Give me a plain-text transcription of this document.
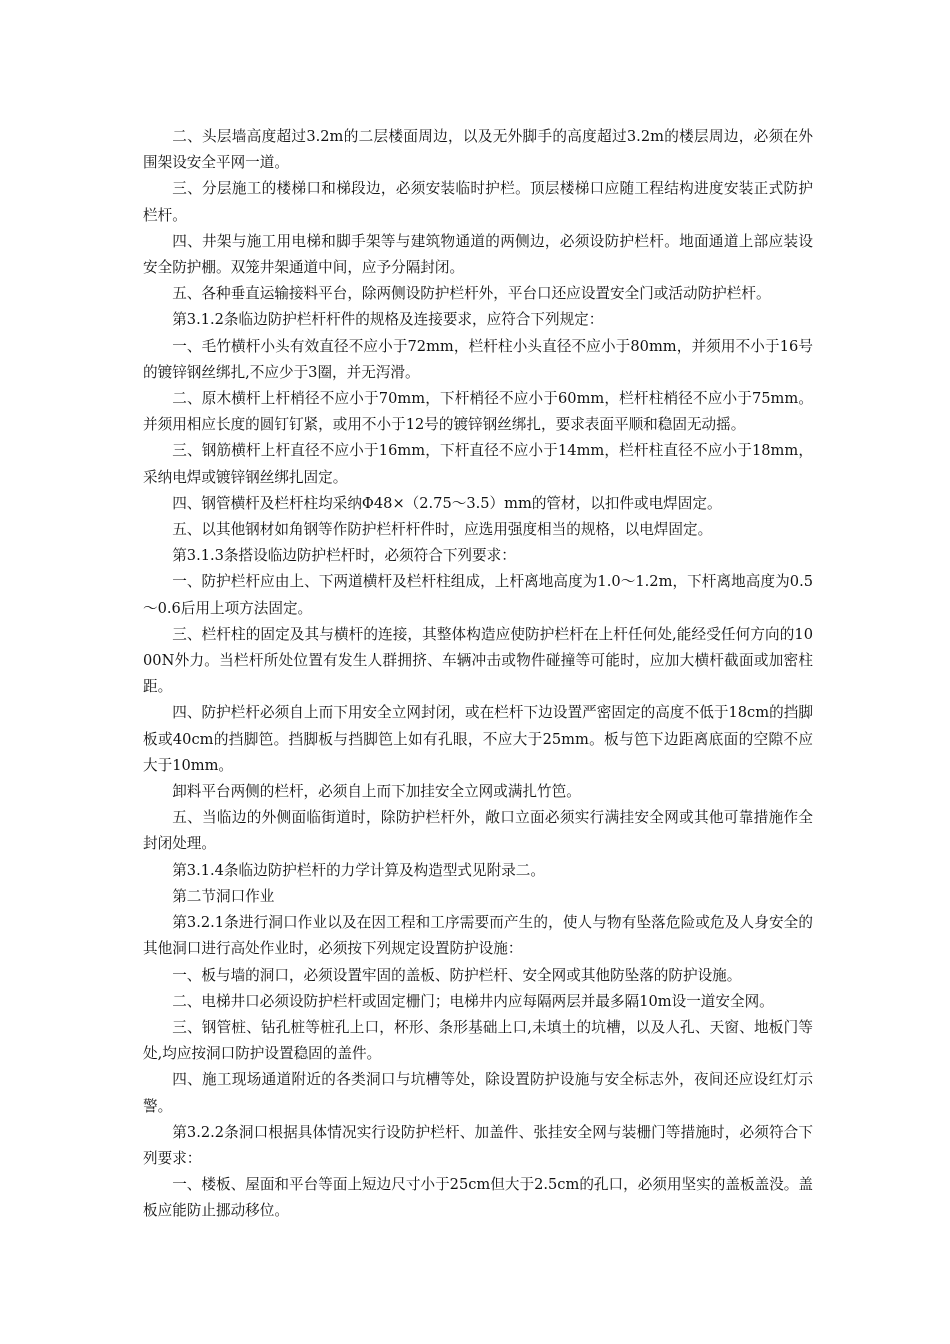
二、头层墙高度超过3.2m的二层楼面周边，以及无外脚手的高度超过3.2m的楼层周边，必须在外围架设安全平网一道。

三、分层施工的楼梯口和梯段边，必须安装临时护栏。顶层楼梯口应随工程结构进度安装正式防护栏杆。

四、井架与施工用电梯和脚手架等与建筑物通道的两侧边，必须设防护栏杆。地面通道上部应装设安全防护棚。双笼井架通道中间，应予分隔封闭。

五、各种垂直运输接料平台，除两侧设防护栏杆外，平台口还应设置安全门或活动防护栏杆。

第3.1.2条临边防护栏杆杆件的规格及连接要求，应符合下列规定：

一、毛竹横杆小头有效直径不应小于72mm，栏杆柱小头直径不应小于80mm，并须用不小于16号的镀锌钢丝绑扎,不应少于3圈，并无泻滑。

二、原木横杆上杆梢径不应小于70mm，下杆梢径不应小于60mm，栏杆柱梢径不应小于75mm。并须用相应长度的圆钉钉紧，或用不小于12号的镀锌钢丝绑扎，要求表面平顺和稳固无动摇。

三、钢筋横杆上杆直径不应小于16mm，下杆直径不应小于14mm，栏杆柱直径不应小于18mm，采纳电焊或镀锌钢丝绑扎固定。

四、钢管横杆及栏杆柱均采纳Φ48×（2.75～3.5）mm的管材，以扣件或电焊固定。

五、以其他钢材如角钢等作防护栏杆杆件时，应选用强度相当的规格，以电焊固定。

第3.1.3条搭设临边防护栏杆时，必须符合下列要求：

一、防护栏杆应由上、下两道横杆及栏杆柱组成，上杆离地高度为1.0～1.2m，下杆离地高度为0.5～0.6后用上项方法固定。

三、栏杆柱的固定及其与横杆的连接，其整体构造应使防护栏杆在上杆任何处,能经受任何方向的1000N外力。当栏杆所处位置有发生人群拥挤、车辆冲击或物件碰撞等可能时，应加大横杆截面或加密柱距。

四、防护栏杆必须自上而下用安全立网封闭，或在栏杆下边设置严密固定的高度不低于18cm的挡脚板或40cm的挡脚笆。挡脚板与挡脚笆上如有孔眼，不应大于25mm。板与笆下边距离底面的空隙不应大于10mm。

卸料平台两侧的栏杆，必须自上而下加挂安全立网或满扎竹笆。

五、当临边的外侧面临街道时，除防护栏杆外，敞口立面必须实行满挂安全网或其他可靠措施作全封闭处理。

第3.1.4条临边防护栏杆的力学计算及构造型式见附录二。

第二节洞口作业

第3.2.1条进行洞口作业以及在因工程和工序需要而产生的，使人与物有坠落危险或危及人身安全的其他洞口进行高处作业时，必须按下列规定设置防护设施：

一、板与墙的洞口，必须设置牢固的盖板、防护栏杆、安全网或其他防坠落的防护设施。

二、电梯井口必须设防护栏杆或固定栅门；电梯井内应每隔两层并最多隔10m设一道安全网。

三、钢管桩、钻孔桩等桩孔上口，杯形、条形基础上口,未填土的坑槽，以及人孔、天窗、地板门等处,均应按洞口防护设置稳固的盖件。

四、施工现场通道附近的各类洞口与坑槽等处，除设置防护设施与安全标志外，夜间还应设红灯示警。

第3.2.2条洞口根据具体情况实行设防护栏杆、加盖件、张挂安全网与装栅门等措施时，必须符合下列要求：

一、楼板、屋面和平台等面上短边尺寸小于25cm但大于2.5cm的孔口，必须用坚实的盖板盖没。盖板应能防止挪动移位。
